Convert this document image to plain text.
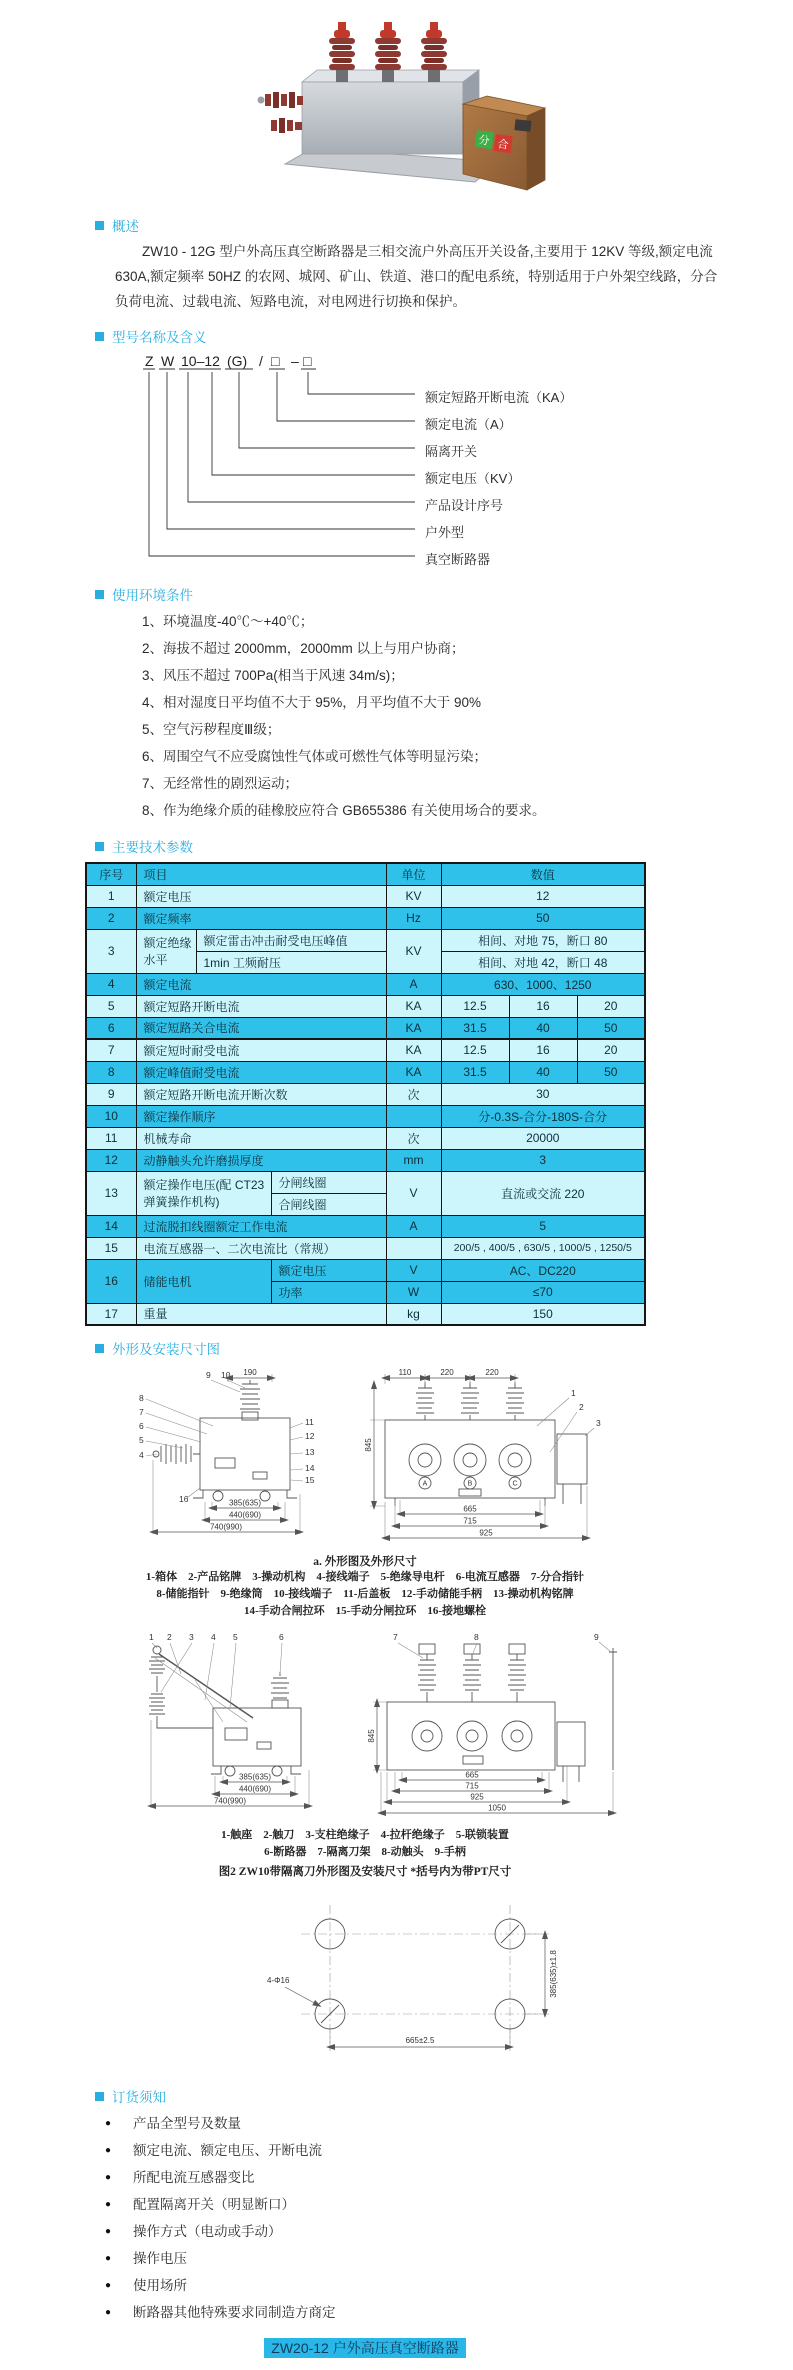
分 合
概述

ZW10 - 12G 型户外高压真空断路器是三相交流户外高压开关设备,主要用于 12KV 等级,额定电流 630A,额定频率 50HZ 的农网、城网、矿山、铁道、港口的配电系统，特别适用于户外架空线路，分合负荷电流、过载电流、短路电流，对电网进行切换和保护。

型号名称及含义
Z W 10–12 (G) / □ – □
额定短路开断电流（KA）
额定电流（A）
隔离开关
额定电压（KV）
产品设计序号
户外型
真空断路器
使用环境条件
1、环境温度-40℃～+40℃；
2、海拔不超过 2000mm，2000mm 以上与用户协商；
3、风压不超过 700Pa(相当于风速 34m/s)；
4、相对湿度日平均值不大于 95%，月平均值不大于 90%
5、空气污秽程度Ⅲ级；
6、周围空气不应受腐蚀性气体或可燃性气体等明显污染；
7、无经常性的剧烈运动；
8、作为绝缘介质的硅橡胶应符合 GB655386 有关使用场合的要求。
主要技术参数
序号	项目			单位	数值		
1	额定电压			KV	12		
2	额定频率			Hz	50		
3	额定绝缘水平	额定雷击冲击耐受电压峰值		KV	相间、对地 75，断口 80		
		1min 工频耐压			相间、对地 42，断口 48		
4	额定电流			A	630、1000、1250		
5	额定短路开断电流			KA	12.5	16	20
6	额定短路关合电流			KA	31.5	40	50
7	额定短时耐受电流			KA	12.5	16	20
8	额定峰值耐受电流			KA	31.5	40	50
9	额定短路开断电流开断次数			次	30		
10	额定操作顺序				分-0.3S-合分-180S-合分		
11	机械寿命			次	20000		
12	动静触头允许磨损厚度			mm	3		
13	额定操作电压(配 CT23 弹簧操作机构)		分闸线圈	V	直流或交流 220		
			合闸线圈				
14	过流脱扣线圈额定工作电流			A	5		
15	电流互感器一、二次电流比（常规）				200/5 , 400/5 , 630/5 , 1000/5 , 1250/5		
16	储能电机		额定电压	V	AC、DC220		
			功率	W	≤70		
17	重量			kg	150		
外形及安装尺寸图
A	B	C
8
7
6
5
4
9 10
11
12
13
14
15
16
1
2
3
190
385(635)
440(690)
740(990)
110	220	220
845
665
715
925
a. 外形图及外形尺寸
1-箱体　2-产品铭牌　3-操动机构　4-接线端子　5-绝缘导电杆　6-电流互感器　7-分合指针
8-储能指针　9-绝缘筒　10-接线端子　11-后盖板　12-手动储能手柄　13-操动机构铭牌
14-手动合闸拉环　15-手动分闸拉环　16-接地螺栓
1 2 3 4 5	6	7	8	9
385(635)
440(690)
740(990)
845
665
715
925
1050
1-触座　2-触刀　3-支柱绝缘子　4-拉杆绝缘子　5-联锁装置
6-断路器　7-隔离刀架　8-动触头　9-手柄
图2 ZW10带隔离刀外形图及安装尺寸 *括号内为带PT尺寸
4-Φ16
665±2.5
385(635)±1.8
订货须知
● 产品全型号及数量
● 额定电流、额定电压、开断电流
● 所配电流互感器变比
● 配置隔离开关（明显断口）
● 操作方式（电动或手动）
● 操作电压
● 使用场所
● 断路器其他特殊要求同制造方商定
ZW20-12 户外高压真空断路器
